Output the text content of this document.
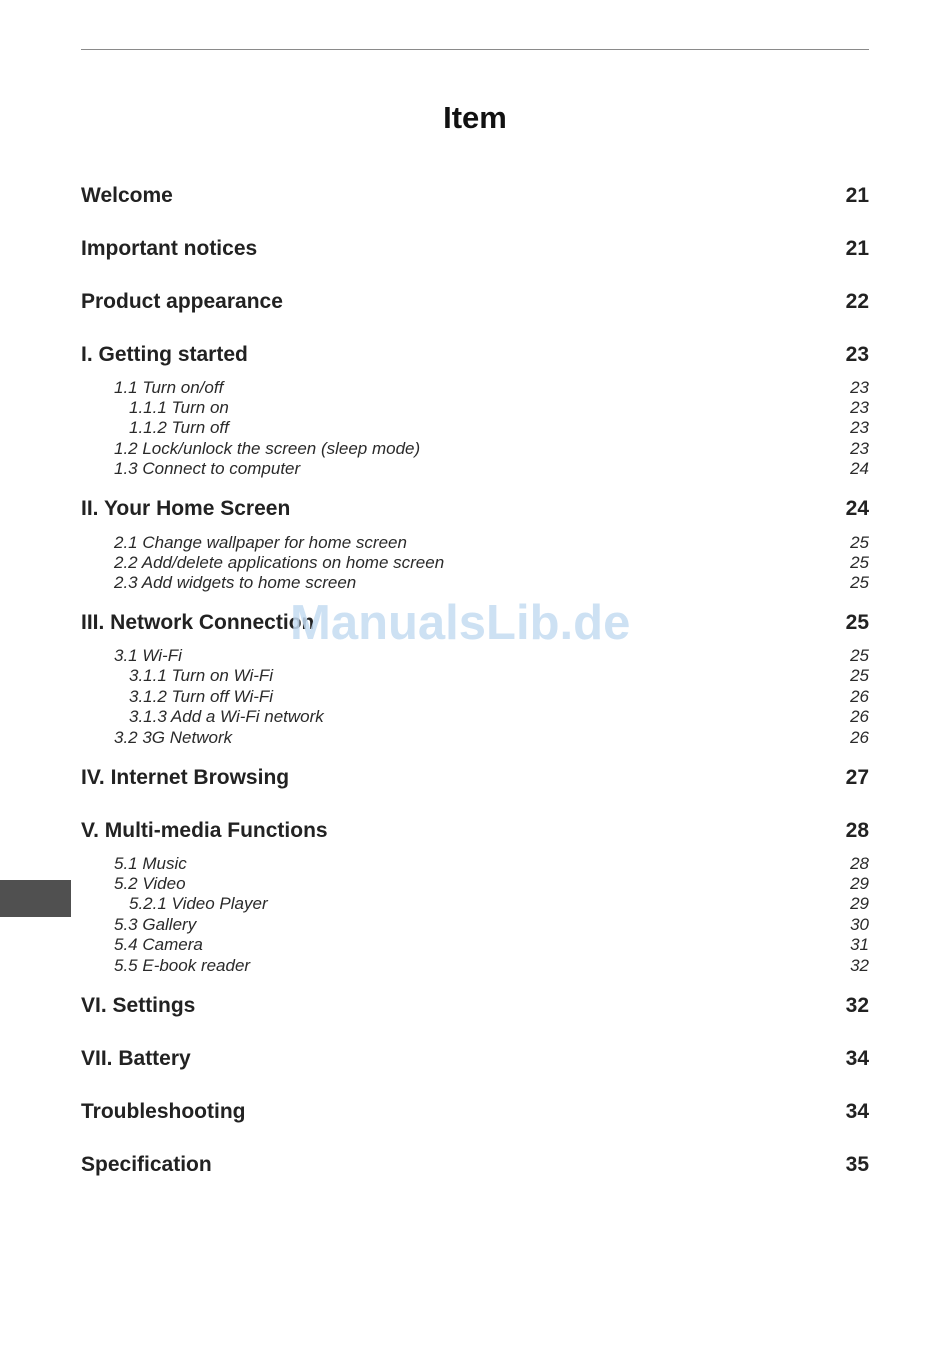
Item
Welcome	21
Important notices	21
Product appearance	22
I. Getting started	23
1.1 Turn on/off	23
1.1.1 Turn on	23
1.1.2 Turn off	23
1.2 Lock/unlock the screen (sleep mode)	23
1.3 Connect to computer	24
II. Your Home Screen	24
2.1 Change wallpaper for home screen	25
2.2 Add/delete applications on home screen	25
2.3 Add widgets to home screen	25
III. Network Connection	25
3.1 Wi-Fi	25
3.1.1 Turn on Wi-Fi	25
3.1.2 Turn off Wi-Fi	26
3.1.3 Add a Wi-Fi network	26
3.2 3G Network	26
IV. Internet Browsing	27
V. Multi-media Functions	28
5.1 Music	28
5.2 Video	29
5.2.1 Video Player	29
5.3 Gallery	30
5.4 Camera	31
5.5 E-book reader	32
VI. Settings	32
VII. Battery	34
Troubleshooting	34
Specification	35
ManualsLib.de
